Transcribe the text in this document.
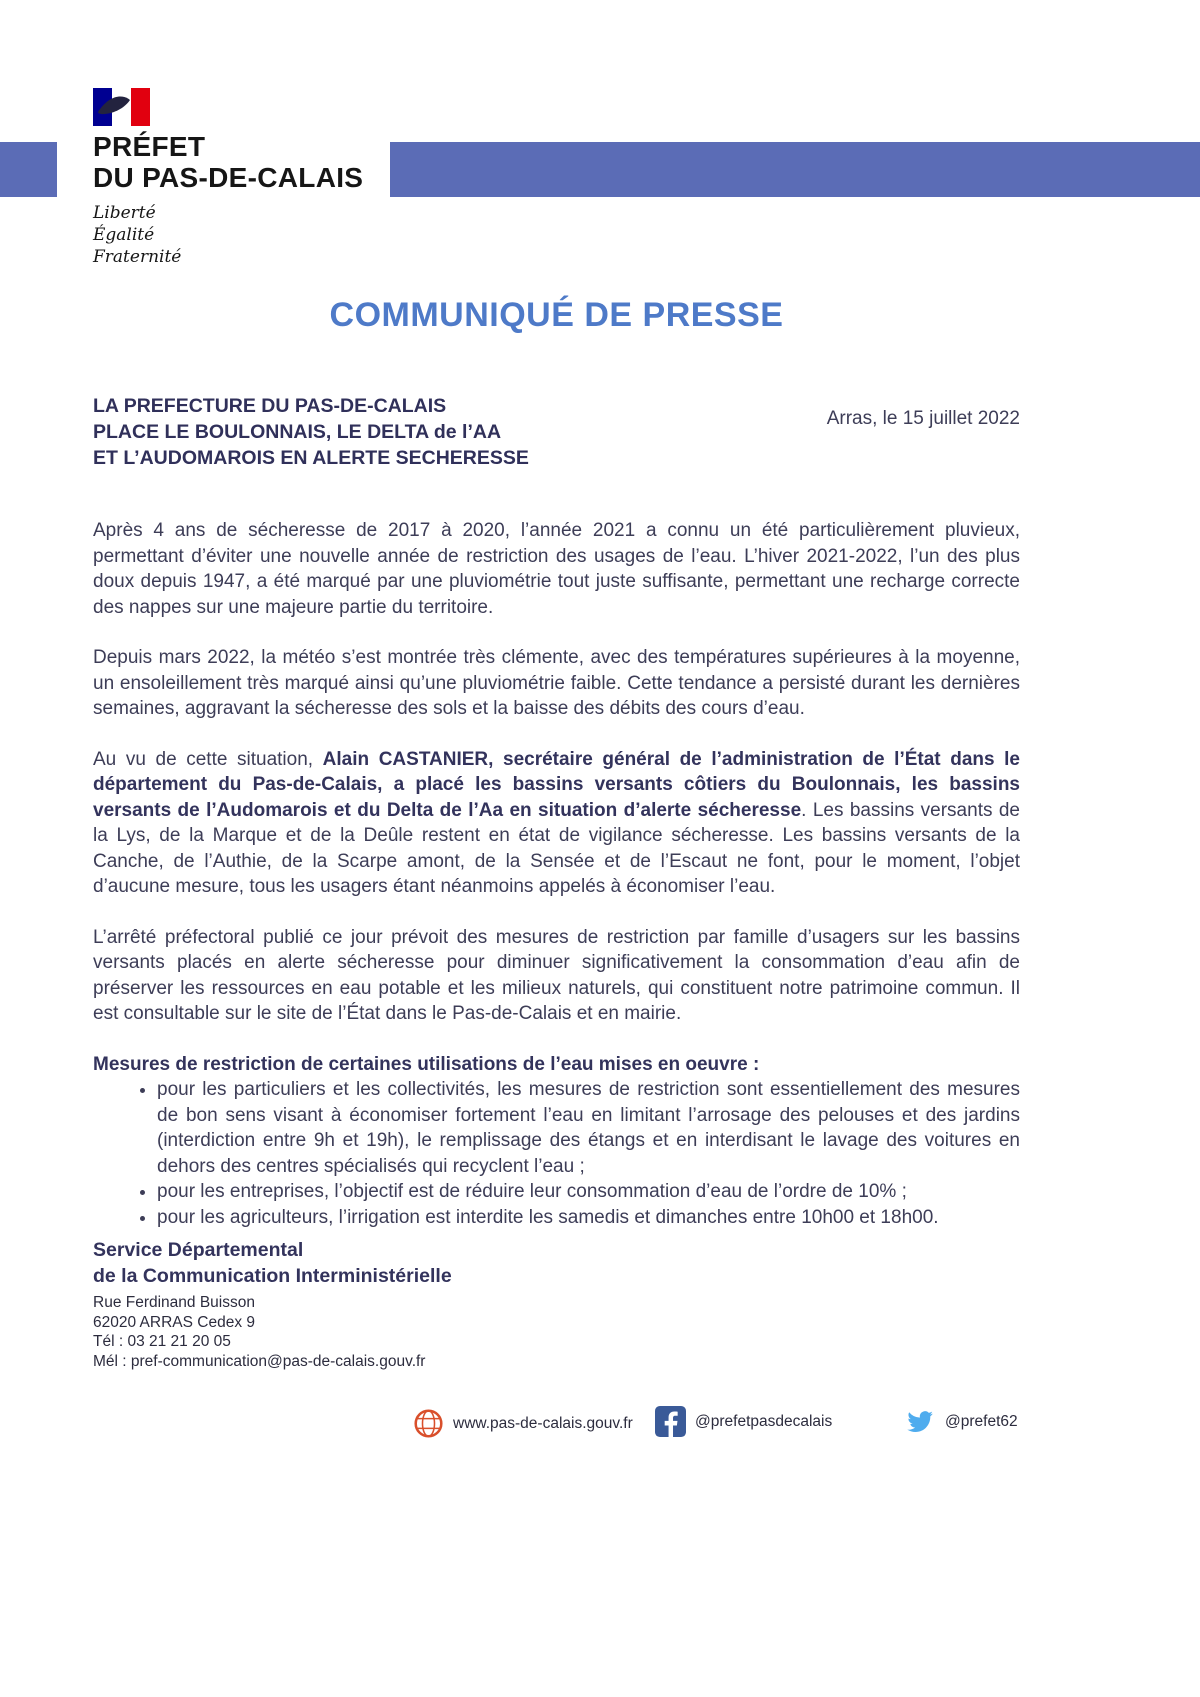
PRÉFET
DU PAS-DE-CALAIS
Liberté
Égalité
Fraternité
COMMUNIQUÉ DE PRESSE
LA PREFECTURE DU PAS-DE-CALAIS
PLACE LE BOULONNAIS, LE DELTA de l’AA
ET L’AUDOMAROIS EN ALERTE SECHERESSE
Arras, le 15 juillet 2022

Après 4 ans de sécheresse de 2017 à 2020, l’année 2021 a connu un été particulièrement pluvieux, permettant d’éviter une nouvelle année de restriction des usages de l’eau. L’hiver 2021-2022, l’un des plus doux depuis 1947, a été marqué par une pluviométrie tout juste suffisante, permettant une recharge correcte des nappes sur une majeure partie du territoire.

Depuis mars 2022, la météo s’est montrée très clémente, avec des températures supérieures à la moyenne, un ensoleillement très marqué ainsi qu’une pluviométrie faible. Cette tendance a persisté durant les dernières semaines, aggravant la sécheresse des sols et la baisse des débits des cours d’eau.

Au vu de cette situation, Alain CASTANIER, secrétaire général de l’administration de l’État dans le département du Pas-de-Calais, a placé les bassins versants côtiers du Boulonnais, les bassins versants de l’Audomarois et du Delta de l’Aa en situation d’alerte sécheresse. Les bassins versants de la Lys, de la Marque et de la Deûle restent en état de vigilance sécheresse. Les bassins versants de la Canche, de l’Authie, de la Scarpe amont, de la Sensée et de l’Escaut ne font, pour le moment, l’objet d’aucune mesure, tous les usagers étant néanmoins appelés à économiser l’eau.

L’arrêté préfectoral publié ce jour prévoit des mesures de restriction par famille d’usagers sur les bassins versants placés en alerte sécheresse pour diminuer significativement la consommation d’eau afin de préserver les ressources en eau potable et les milieux naturels, qui constituent notre patrimoine commun. Il est consultable sur le site de l’État dans le Pas-de-Calais et en mairie.

Mesures de restriction de certaines utilisations de l’eau mises en oeuvre :

• pour les particuliers et les collectivités, les mesures de restriction sont essentiellement des mesures de bon sens visant à économiser fortement l’eau en limitant l’arrosage des pelouses et des jardins (interdiction entre 9h et 19h), le remplissage des étangs et en interdisant le lavage des voitures en dehors des centres spécialisés qui recyclent l’eau ;
• pour les entreprises, l’objectif est de réduire leur consommation d’eau de l’ordre de 10% ;
• pour les agriculteurs, l’irrigation est interdite les samedis et dimanches entre 10h00 et 18h00.
Service Départemental
de la Communication Interministérielle
Rue Ferdinand Buisson
62020 ARRAS Cedex 9
Tél : 03 21 21 20 05
Mél : pref-communication@pas-de-calais.gouv.fr
www.pas-de-calais.gouv.fr	@prefetpasdecalais	@prefet62
